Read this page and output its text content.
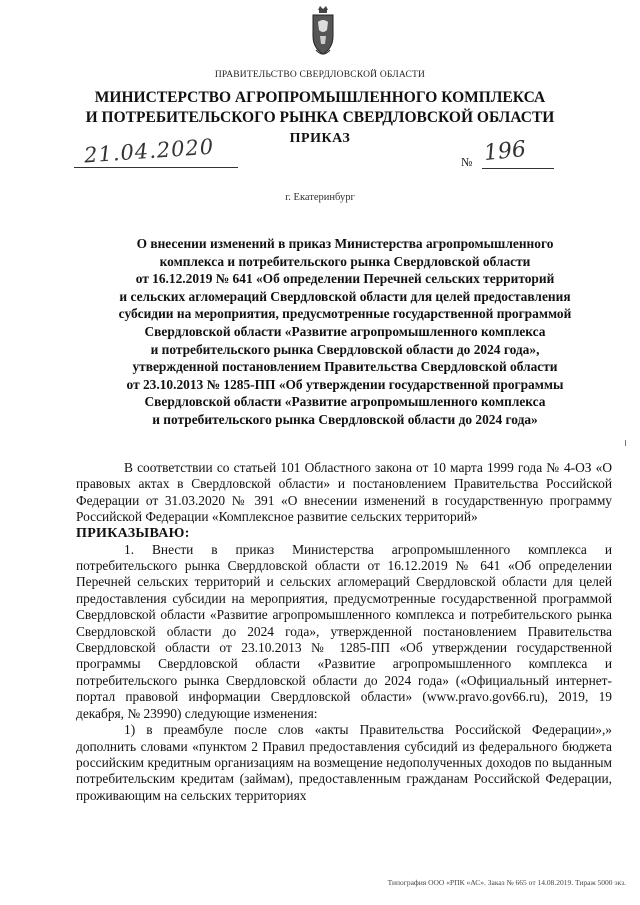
ПРАВИТЕЛЬСТВО СВЕРДЛОВСКОЙ ОБЛАСТИ
МИНИСТЕРСТВО АГРОПРОМЫШЛЕННОГО КОМПЛЕКСА
И ПОТРЕБИТЕЛЬСКОГО РЫНКА СВЕРДЛОВСКОЙ ОБЛАСТИ
ПРИКАЗ
21.04.2020	№ 196
г. Екатеринбург
О внесении изменений в приказ Министерства агропромышленного
комплекса и потребительского рынка Свердловской области
от 16.12.2019 № 641 «Об определении Перечней сельских территорий
и сельских агломераций Свердловской области для целей предоставления
субсидии на мероприятия, предусмотренные государственной программой
Свердловской области «Развитие агропромышленного комплекса
и потребительского рынка Свердловской области до 2024 года»,
утвержденной постановлением Правительства Свердловской области
от 23.10.2013 № 1285-ПП «Об утверждении государственной программы
Свердловской области «Развитие агропромышленного комплекса
и потребительского рынка Свердловской области до 2024 года»

В соответствии со статьей 101 Областного закона от 10 марта 1999 года № 4-ОЗ «О правовых актах в Свердловской области» и постановлением Правительства Российской Федерации от 31.03.2020 № 391 «О внесении изменений в государственную программу Российской Федерации «Комплексное развитие сельских территорий»

ПРИКАЗЫВАЮ:

1. Внести в приказ Министерства агропромышленного комплекса и потребительского рынка Свердловской области от 16.12.2019 № 641 «Об определении Перечней сельских территорий и сельских агломераций Свердловской области для целей предоставления субсидии на мероприятия, предусмотренные государственной программой Свердловской области «Развитие агропромышленного комплекса и потребительского рынка Свердловской области до 2024 года», утвержденной постановлением Правительства Свердловской области от 23.10.2013 № 1285-ПП «Об утверждении государственной программы Свердловской области «Развитие агропромышленного комплекса и потребительского рынка Свердловской области до 2024 года» («Официальный интернет-портал правовой информации Свердловской области» (www.pravo.gov66.ru), 2019, 19 декабря, № 23990) следующие изменения:

1) в преамбуле после слов «акты Правительства Российской Федерации»,» дополнить словами «пунктом 2 Правил предоставления субсидий из федерального бюджета российским кредитным организациям на возмещение недополученных доходов по выданным потребительским кредитам (займам), предоставленным гражданам Российской Федерации, проживающим на сельских территориях

Типография ООО «РПК «АС». Заказ № 665 от 14.08.2019. Тираж 5000 экз.
